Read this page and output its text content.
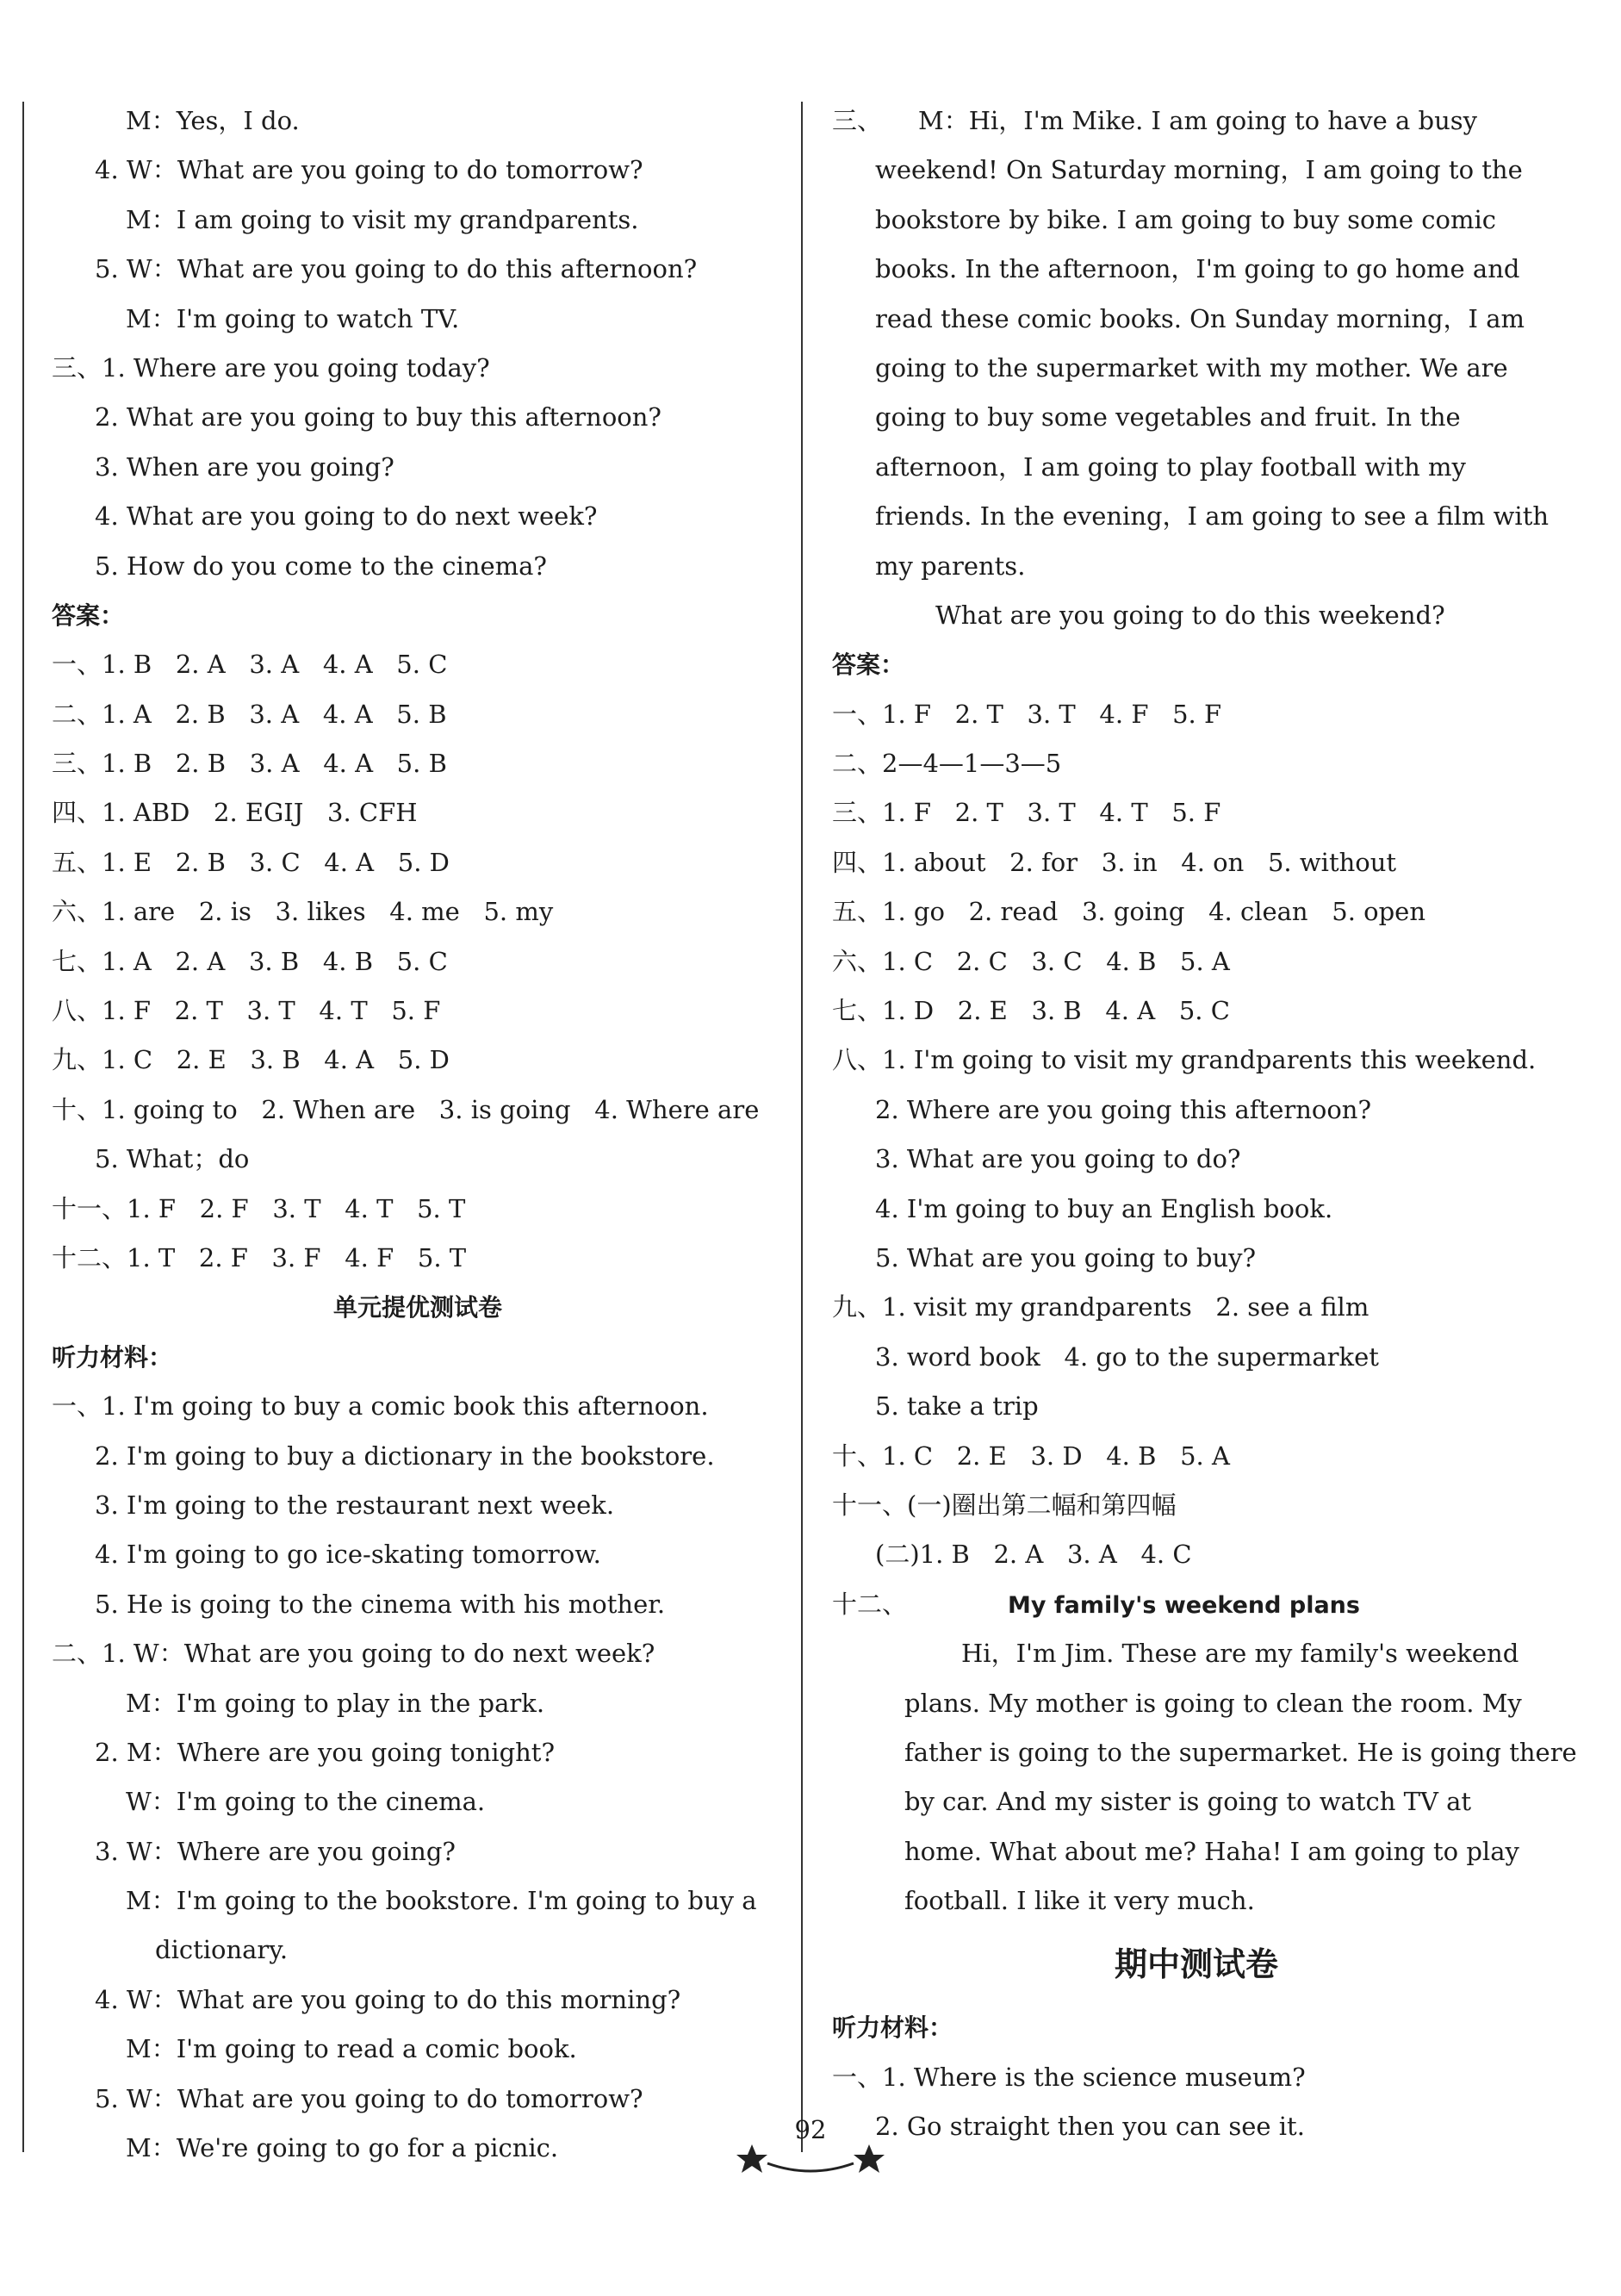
M：Yes，I do.
4. W：What are you going to do tomorrow?
M：I am going to visit my grandparents.
5. W：What are you going to do this afternoon?
M：I'm going to watch TV.
三、1. Where are you going today?
2. What are you going to buy this afternoon?
3. When are you going?
4. What are you going to do next week?
5. How do you come to the cinema?
答案：
一、1. B   2. A   3. A   4. A   5. C
二、1. A   2. B   3. A   4. A   5. B
三、1. B   2. B   3. A   4. A   5. B
四、1. ABD   2. EGIJ   3. CFH
五、1. E   2. B   3. C   4. A   5. D
六、1. are   2. is   3. likes   4. me   5. my
七、1. A   2. A   3. B   4. B   5. C
八、1. F   2. T   3. T   4. T   5. F
九、1. C   2. E   3. B   4. A   5. D
十、1. going to   2. When are   3. is going   4. Where are
5. What；do
十一、1. F   2. F   3. T   4. T   5. T
十二、1. T   2. F   3. F   4. F   5. T
单元提优测试卷
听力材料：
一、1. I'm going to buy a comic book this afternoon.
2. I'm going to buy a dictionary in the bookstore.
3. I'm going to the restaurant next week.
4. I'm going to go ice-skating tomorrow.
5. He is going to the cinema with his mother.
二、1. W：What are you going to do next week?
M：I'm going to play in the park.
2. M：Where are you going tonight?
W：I'm going to the cinema.
3. W：Where are you going?
M：I'm going to the bookstore. I'm going to buy a
dictionary.
4. W：What are you going to do this morning?
M：I'm going to read a comic book.
5. W：What are you going to do tomorrow?
M：We're going to go for a picnic.
三、 M：Hi，I'm Mike. I am going to have a busy
weekend! On Saturday morning，I am going to the
bookstore by bike. I am going to buy some comic
books. In the afternoon，I'm going to go home and
read these comic books. On Sunday morning，I am
going to the supermarket with my mother. We are
going to buy some vegetables and fruit. In the
afternoon，I am going to play football with my
friends. In the evening，I am going to see a film with
my parents.
What are you going to do this weekend?
答案：
一、1. F   2. T   3. T   4. F   5. F
二、2—4—1—3—5
三、1. F   2. T   3. T   4. T   5. F
四、1. about   2. for   3. in   4. on   5. without
五、1. go   2. read   3. going   4. clean   5. open
六、1. C   2. C   3. C   4. B   5. A
七、1. D   2. E   3. B   4. A   5. C
八、1. I'm going to visit my grandparents this weekend.
2. Where are you going this afternoon?
3. What are you going to do?
4. I'm going to buy an English book.
5. What are you going to buy?
九、1. visit my grandparents   2. see a film
3. word book   4. go to the supermarket
5. take a trip
十、1. C   2. E   3. D   4. B   5. A
十一、(一)圈出第二幅和第四幅
(二)1. B   2. A   3. A   4. C
十二、	My family's weekend plans
Hi，I'm Jim. These are my family's weekend
plans. My mother is going to clean the room. My
father is going to the supermarket. He is going there
by car. And my sister is going to watch TV at
home. What about me? Haha! I am going to play
football. I like it very much.
期中测试卷
听力材料：
一、1. Where is the science museum?
2. Go straight then you can see it.
92
